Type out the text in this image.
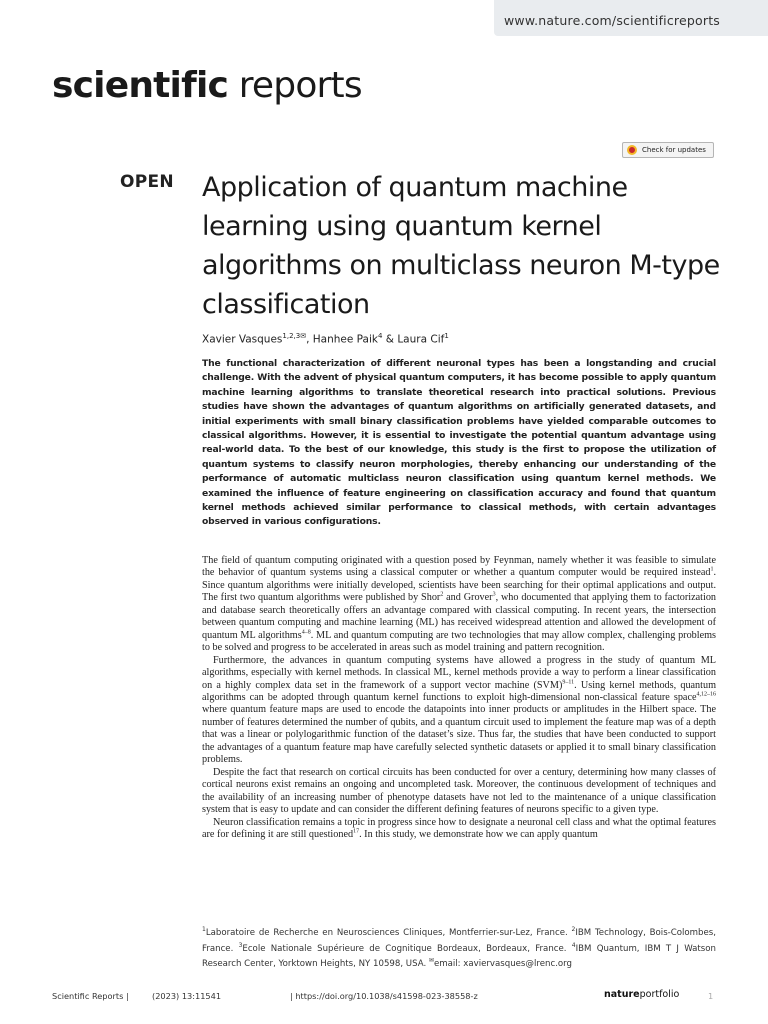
www.nature.com/scientificreports
scientific reports
Check for updates
OPEN Application of quantum machine learning using quantum kernel algorithms on multiclass neuron M-type classification
Xavier Vasques$^{1,2,3✉}$, Hanhee Paik$^4$ & Laura Cif$^1$

The functional characterization of different neuronal types has been a longstanding and crucial challenge. With the advent of physical quantum computers, it has become possible to apply quantum machine learning algorithms to translate theoretical research into practical solutions. Previous studies have shown the advantages of quantum algorithms on artificially generated datasets, and initial experiments with small binary classification problems have yielded comparable outcomes to classical algorithms. However, it is essential to investigate the potential quantum advantage using real-world data. To the best of our knowledge, this study is the first to propose the utilization of quantum systems to classify neuron morphologies, thereby enhancing our understanding of the performance of automatic multiclass neuron classification using quantum kernel methods. We examined the influence of feature engineering on classification accuracy and found that quantum kernel methods achieved similar performance to classical methods, with certain advantages observed in various configurations.

The field of quantum computing originated with a question posed by Feynman, namely whether it was feasible to simulate the behavior of quantum systems using a classical computer or whether a quantum computer would be required instead$^1$. Since quantum algorithms were initially developed, scientists have been searching for their optimal applications and output. The first two quantum algorithms were published by Shor$^2$ and Grover$^3$, who documented that applying them to factorization and database search theoretically offers an advantage compared with classical computing. In recent years, the intersection between quantum computing and machine learning (ML) has received widespread attention and allowed the development of quantum ML algorithms$^{4-8}$. ML and quantum computing are two technologies that may allow complex, challenging problems to be solved and progress to be accelerated in areas such as model training and pattern recognition.

Furthermore, the advances in quantum computing systems have allowed a progress in the study of quantum ML algorithms, especially with kernel methods. In classical ML, kernel methods provide a way to perform a linear classification on a highly complex data set in the framework of a support vector machine (SVM)$^{9-11}$. Using kernel methods, quantum algorithms can be adopted through quantum kernel functions to exploit high-dimensional non-classical feature space$^{4,12-16}$ where quantum feature maps are used to encode the datapoints into inner products or amplitudes in the Hilbert space. The number of features determined the number of qubits, and a quantum circuit used to implement the feature map was of a depth that was a linear or polylogarithmic function of the dataset’s size. Thus far, the studies that have been conducted to support the advantages of a quantum feature map have carefully selected synthetic datasets or applied it to small binary classification problems.

Despite the fact that research on cortical circuits has been conducted for over a century, determining how many classes of cortical neurons exist remains an ongoing and uncompleted task. Moreover, the continuous development of techniques and the availability of an increasing number of phenotype datasets have not led to the maintenance of a unique classification system that is easy to update and can consider the different defining features of neurons specific to a given type.

Neuron classification remains a topic in progress since how to designate a neuronal cell class and what the optimal features are for defining it are still questioned$^{17}$. In this study, we demonstrate how we can apply quantum

$^1$Laboratoire de Recherche en Neurosciences Cliniques, Montferrier-sur-Lez, France. $^2$IBM Technology, Bois-Colombes, France. $^3$Ecole Nationale Supérieure de Cognitique Bordeaux, Bordeaux, France. $^4$IBM Quantum, IBM T J Watson Research Center, Yorktown Heights, NY 10598, USA. ✉email: xaviervasques@lrenc.org

Scientific Reports |	(2023) 13:11541	| https://doi.org/10.1038/s41598-023-38558-z	natureportfolio	1
